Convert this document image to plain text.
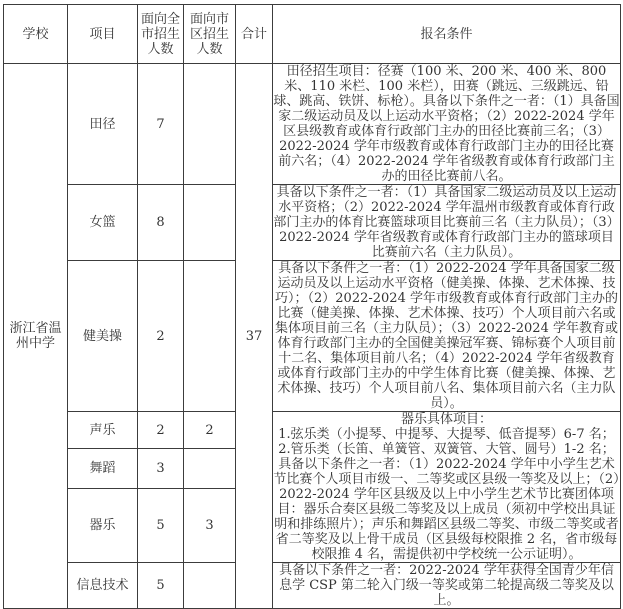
学校	项目	面向全市招生人数	面向市区招生人数	合计	报名条件
浙江省温州中学	田径	7		37	田径招生项目：径赛（100 米、200 米、400 米、800 米、110 米栏、100 米栏），田赛（跳远、三级跳远、铅球、跳高、铁饼、标枪）。具备以下条件之一者：（1）具备国家二级运动员及以上运动水平资格；（2）2022-2024 学年区县级教育或体育行政部门主办的田径比赛前三名；（3）2022-2024 学年市级教育或体育行政部门主办的田径比赛前六名；（4）2022-2024 学年省级教育或体育行政部门主办的田径比赛前八名。
	女篮	8			具备以下条件之一者：（1）具备国家二级运动员及以上运动水平资格；（2）2022-2024 学年温州市级教育或体育行政部门主办的体育比赛篮球项目比赛前三名（主力队员）；（3）2022-2024 学年省级教育或体育行政部门主办的篮球项目比赛前六名（主力队员）。
	健美操	2			具备以下条件之一者：（1）2022-2024 学年具备国家二级运动员及以上运动水平资格（健美操、体操、艺术体操、技巧）；（2）2022-2024 学年市级教育或体育行政部门主办的比赛（健美操、体操、艺术体操、技巧）个人项目前六名或集体项目前三名（主力队员）；（3）2022-2024 学年教育或体育行政部门主办的全国健美操冠军赛、锦标赛个人项目前十二名、集体项目前八名；（4）2022-2024 学年省级教育或体育行政部门主办的中学生体育比赛（健美操、体操、艺术体操、技巧）个人项目前八名、集体项目前六名（主力队员）。
	声乐	2	2		器乐具体项目：
1.弦乐类（小提琴、中提琴、大提琴、低音提琴）6-7 名；
2.管乐类（长笛、单簧管、双簧管、大管、圆号）1-2 名；
具备以下条件之一者：（1）2022-2024 学年中小学生艺术节比赛个人项目市级一、二等奖或区县级一等奖及以上；（2）2022-2024 学年区县级及以上中小学生艺术节比赛团体项目：器乐合奏区县级二等奖及以上成员（须初中学校出具证明和排练照片）；声乐和舞蹈区县级二等奖、市级二等奖或者省二等奖及以上骨干成员（区县级每校限推 2 名，省市级每校限推 4 名，需提供初中学校统一公示证明）。

	舞蹈	3			
	器乐	5	3		
	信息技术	5			具备以下条件之一者：2022-2024 学年获得全国青少年信息学 CSP 第二轮入门级一等奖或第二轮提高级二等奖及以上。
